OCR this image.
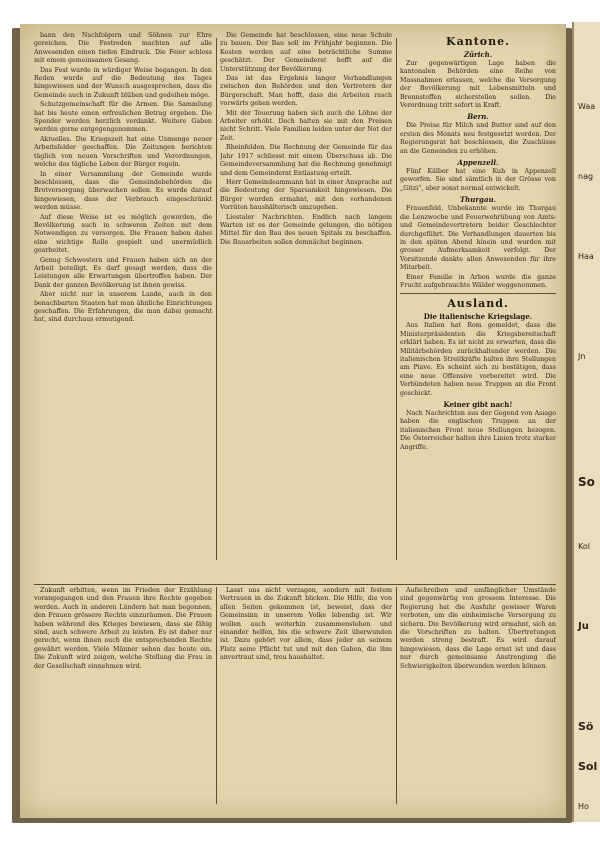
bann den Nachfolgern und Söhnen zur Ehre gereichen. Die Festreden machten auf alle Anwesenden einen tiefen Eindruck. Die Feier schloss mit einem gemeinsamen Gesang.

Das Fest wurde in würdiger Weise begangen. In den Reden wurde auf die Bedeutung des Tages hingewiesen und der Wunsch ausgesprochen, dass die Gemeinde auch in Zukunft blühen und gedeihen möge.

Schutzgemeinschaft für die Armen. Die Sammlung hat bis heute einen erfreulichen Betrag ergeben. Die Spender werden herzlich verdankt. Weitere Gaben werden gerne entgegengenommen.

Aktuelles. Die Kriegszeit hat eine Unmenge neuer Arbeitsfelder geschaffen. Die Zeitungen berichten täglich von neuen Vorschriften und Verordnungen, welche das tägliche Leben der Bürger regeln.

In einer Versammlung der Gemeinde wurde beschlossen, dass die Gemeindebehörden die Brotversorgung überwachen sollen. Es wurde darauf hingewiesen, dass der Verbrauch eingeschränkt werden müsse.

Auf diese Weise ist es möglich geworden, die Bevölkerung auch in schweren Zeiten mit dem Notwendigen zu versorgen. Die Frauen haben dabei eine wichtige Rolle gespielt und unermüdlich gearbeitet.

Genug Schwestern und Frauen haben sich an der Arbeit beteiligt. Es darf gesagt werden, dass die Leistungen alle Erwartungen übertroffen haben. Der Dank der ganzen Bevölkerung ist ihnen gewiss.

Aber nicht nur in unserem Lande, auch in den benachbarten Staaten hat man ähnliche Einrichtungen geschaffen. Die Erfahrungen, die man dabei gemacht hat, sind durchaus ermutigend.

Die Gemeinde hat beschlossen, eine neue Schule zu bauen. Der Bau soll im Frühjahr beginnen. Die Kosten werden auf eine beträchtliche Summe geschätzt. Der Gemeinderat hofft auf die Unterstützung der Bevölkerung.

Das ist das Ergebnis langer Verhandlungen zwischen den Behörden und den Vertretern der Bürgerschaft. Man hofft, dass die Arbeiten rasch vorwärts gehen werden.

Mit der Teuerung haben sich auch die Löhne der Arbeiter erhöht. Doch halten sie mit den Preisen nicht Schritt. Viele Familien leiden unter der Not der Zeit.

Rheinfelden. Die Rechnung der Gemeinde für das Jahr 1917 schliesst mit einem Überschuss ab. Die Gemeindeversammlung hat die Rechnung genehmigt und dem Gemeinderat Entlastung erteilt.

Herr Gemeindeammann hat in einer Ansprache auf die Bedeutung der Sparsamkeit hingewiesen. Die Bürger wurden ermahnt, mit den vorhandenen Vorräten haushälterisch umzugehen.

Liestaler Nachrichten. Endlich nach langem Warten ist es der Gemeinde gelungen, die nötigen Mittel für den Bau des neuen Spitals zu beschaffen. Die Bauarbeiten sollen demnächst beginnen.

Kantone.
Zürich.

Zur gegenwärtigen Lage haben die kantonalen Behörden eine Reihe von Massnahmen erlassen, welche die Versorgung der Bevölkerung mit Lebensmitteln und Brennstoffen sicherstellen sollen. Die Verordnung tritt sofort in Kraft.

Bern.

Die Preise für Milch und Butter sind auf den ersten des Monats neu festgesetzt worden. Der Regierungsrat hat beschlossen, die Zuschüsse an die Gemeinden zu erhöhen.

Appenzell.

Fünf Kälber hat eine Kuh in Appenzell geworfen. Sie sind sämtlich in der Grösse von „Gitzi“, aber sonst normal entwickelt.

Thurgau.

Frauenfeld. Unbekannte wurde im Thurgau die Lenzwoche und Feuerwehrübung von Amts- und Gemeindevertretern beider Geschlechter durchgeführt. Die Verhandlungen dauerten bis in den späten Abend hinein und wurden mit grosser Aufmerksamkeit verfolgt. Der Vorsitzende dankte allen Anwesenden für ihre Mitarbeit.

Einer Familie in Arbon wurde die ganze Frucht aufgebrauchte Wälder weggenommen.

Ausland.
Die italienische Kriegslage.

Aus Italien hat Rom gemeldet, dass die Ministerpräsidenten die Kriegsbereitschaft erklärt haben. Es ist nicht zu erwarten, dass die Militärbehörden zurückhaltender werden. Die italienischen Streitkräfte halten ihre Stellungen am Piave. Es scheint sich zu bestätigen, dass eine neue Offensive vorbereitet wird. Die Verbündeten haben neue Truppen an die Front geschickt.

Keiner gibt nach!

Nach Nachrichten aus der Gegend von Asiago haben die englischen Truppen an der italienischen Front neue Stellungen bezogen. Die Österreicher halten ihre Linien trotz starker Angriffe.

Zukunft erbitten, wenn im Frieden der Erzählung vorangegangen und den Frauen ihre Rechte gegeben werden. Auch in anderen Ländern hat man begonnen, den Frauen grössere Rechte einzuräumen. Die Frauen haben während des Krieges bewiesen, dass sie fähig sind, auch schwere Arbeit zu leisten. Es ist daher nur gerecht, wenn ihnen auch die entsprechenden Rechte gewährt werden. Viele Männer sehen das heute ein. Die Zukunft wird zeigen, welche Stellung die Frau in der Gesellschaft einnehmen wird.

Lasst uns nicht verzagen, sondern mit festem Vertrauen in die Zukunft blicken. Die Hilfe, die von allen Seiten gekommen ist, beweist, dass der Gemeinsinn in unserem Volke lebendig ist. Wir wollen auch weiterhin zusammenstehen und einander helfen, bis die schwere Zeit überwunden ist. Dazu gehört vor allem, dass jeder an seinem Platz seine Pflicht tut und mit den Gaben, die ihm anvertraut sind, treu haushaltet.

Aufschreiben und umfänglicher Umstände sind gegenwärtig von grossem Interesse. Die Regierung hat die Ausfuhr gewisser Waren verboten, um die einheimische Versorgung zu sichern. Die Bevölkerung wird ermahnt, sich an die Vorschriften zu halten. Übertretungen werden streng bestraft. Es wird darauf hingewiesen, dass die Lage ernst ist und dass nur durch gemeinsame Anstrengung die Schwierigkeiten überwunden werden können.

Waa
nag
Haa
Jn
So
Kol
Ju
Sö
Sol
Ho
